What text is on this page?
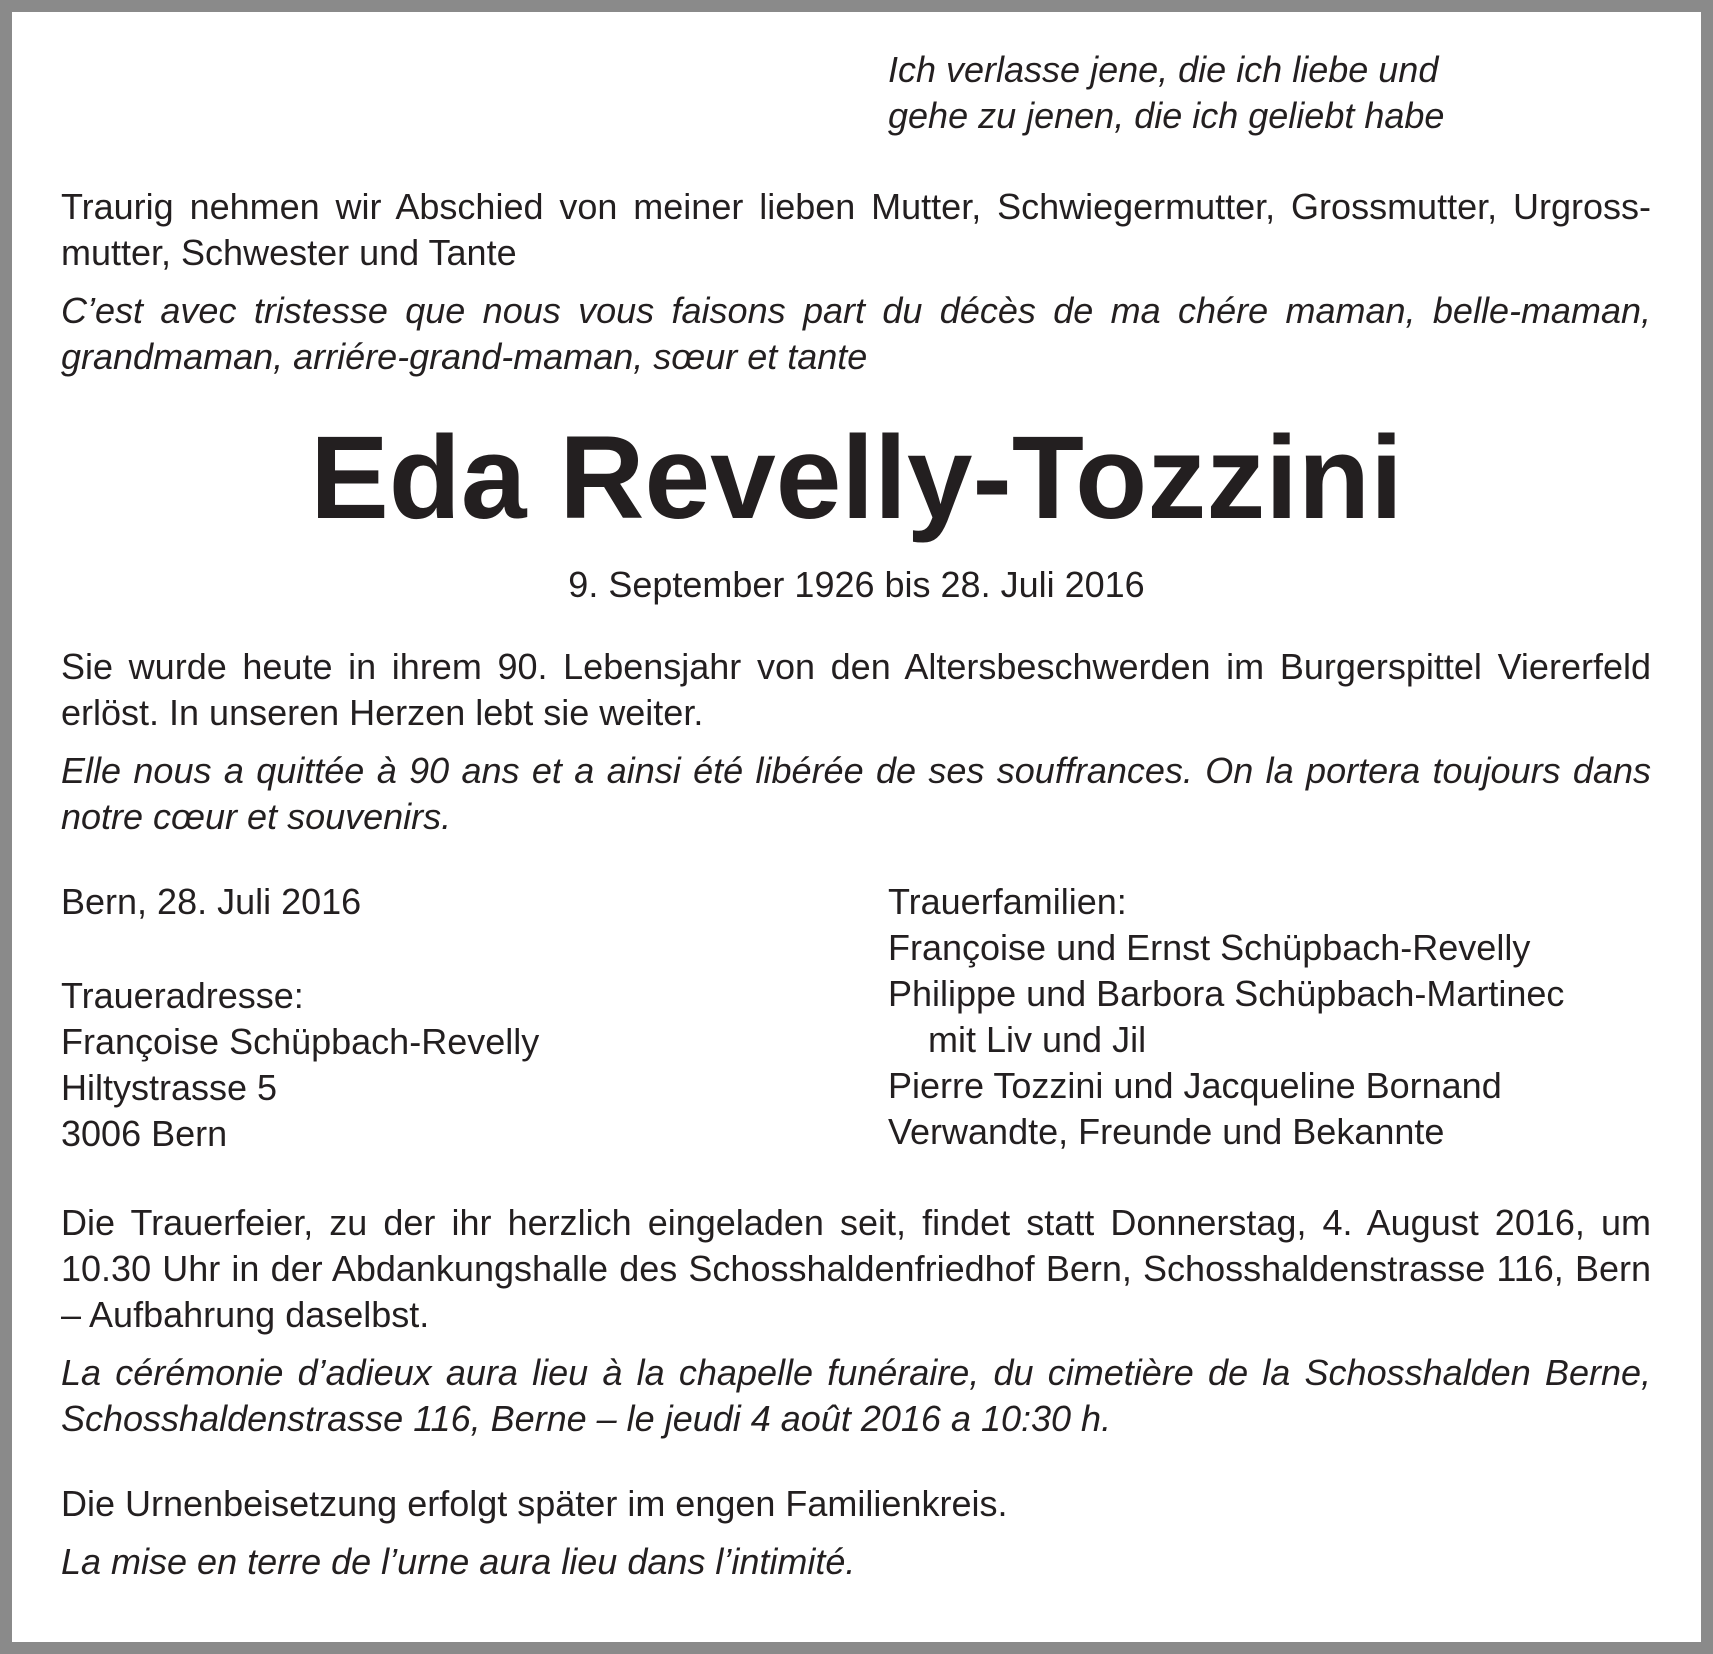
Ich verlasse jene, die ich liebe und

gehe zu jenen, die ich geliebt habe

Traurig nehmen wir Abschied von meiner lieben Mutter, Schwiegermutter, Grossmutter, Urgrossmutter, Schwester und Tante

C’est avec tristesse que nous vous faisons part du décès de ma chére maman, belle-maman, grandmaman, arriére-grand-maman, sœur et tante

Eda Revelly-Tozzini

9. September 1926 bis 28. Juli 2016

Sie wurde heute in ihrem 90. Lebensjahr von den Altersbeschwerden im Burgerspittel Viererfeld erlöst. In unseren Herzen lebt sie weiter.

Elle nous a quittée à 90 ans et a ainsi été libérée de ses souffrances. On la portera toujours dans notre cœur et souvenirs.

Bern, 28. Juli 2016

Traueradresse:

Françoise Schüpbach-Revelly
Hiltystrasse 5
3006 Bern

Trauerfamilien:

Françoise und Ernst Schüpbach-Revelly
Philippe und Barbora Schüpbach-Martinec
mit Liv und Jil
Pierre Tozzini und Jacqueline Bornand
Verwandte, Freunde und Bekannte

Die Trauerfeier, zu der ihr herzlich eingeladen seit, findet statt Donnerstag, 4. August 2016, um 10.30 Uhr in der Abdankungshalle des Schosshaldenfriedhof Bern, Schosshaldenstrasse 116, Bern – Aufbahrung daselbst.

La cérémonie d’adieux aura lieu à la chapelle funéraire, du cimetière de la Schosshalden Berne, Schosshaldenstrasse 116, Berne – le jeudi 4 août 2016 a 10:30 h.

Die Urnenbeisetzung erfolgt später im engen Familienkreis.

La mise en terre de l’urne aura lieu dans l’intimité.
